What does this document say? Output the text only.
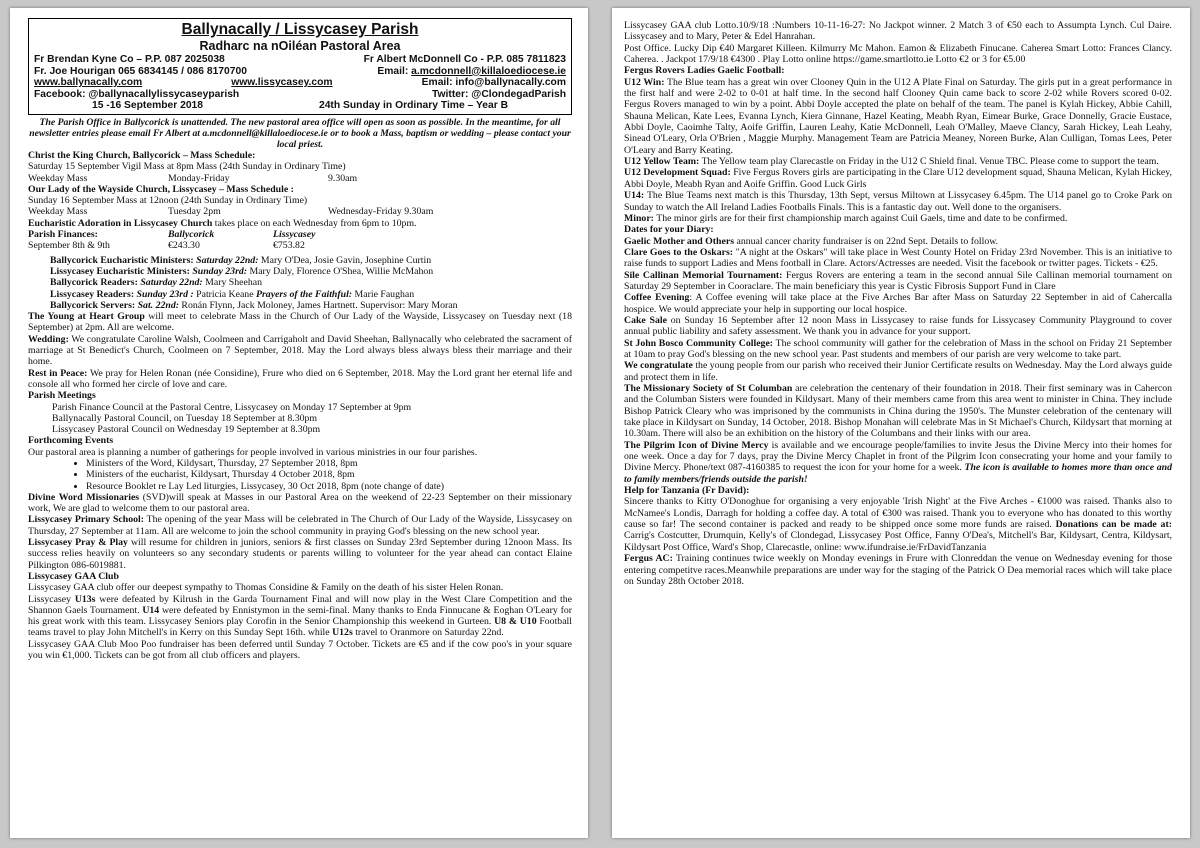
Ballynacally / Lissycasey Parish
Radharc na nOiléan Pastoral Area
Fr Brendan Kyne Co – P.P. 087 2025038	Fr Albert McDonnell Co - P.P. 085 7811823
Fr. Joe Hourigan 065 6834145 / 086 8170700	Email: a.mcdonnell@killaloediocese.ie
www.ballynacally.com	www.lissycasey.com	Email: info@ballynacally.com
Facebook: @ballynacallylissycaseyparish	Twitter: @ClondegadParish
15 -16 September 2018	24th Sunday in Ordinary Time – Year B
The Parish Office in Ballycorick is unattended. The new pastoral area office will open as soon as possible. In the meantime, for all newsletter entries please email Fr Albert at a.mcdonnell@killaloediocese.ie or to book a Mass, baptism or wedding – please contact your local priest.

Christ the King Church, Ballycorick – Mass Schedule:

Saturday 15 September Vigil Mass at 8pm Mass (24th Sunday in Ordinary Time)

Weekday Mass	Monday-Friday	9.30am

Our Lady of the Wayside Church, Lissycasey – Mass Schedule :

Sunday 16 September Mass at 12noon (24th Sunday in Ordinary Time)

Weekday Mass	Tuesday 2pm	Wednesday-Friday 9.30am

Eucharistic Adoration in Lissycasey Church takes place on each Wednesday from 6pm to 10pm.

Parish Finances:	Ballycorick	Lissycasey
September 8th & 9th	€243.30	€753.82

Ballycorick Eucharistic Ministers: Saturday 22nd: Mary O'Dea, Josie Gavin, Josephine Curtin

Lissycasey Eucharistic Ministers: Sunday 23rd: Mary Daly, Florence O'Shea, Willie McMahon

Ballycorick Readers: Saturday 22nd: Mary Sheehan

Lissycasey Readers: Sunday 23rd : Patricia Keane Prayers of the Faithful: Marie Faughan

Ballycorick Servers: Sat. 22nd: Ronán Flynn, Jack Moloney, James Hartnett. Supervisor: Mary Moran

The Young at Heart Group will meet to celebrate Mass in the Church of Our Lady of the Wayside, Lissycasey on Tuesday next (18 September) at 2pm. All are welcome.

Wedding: We congratulate Caroline Walsh, Coolmeen and Carrigaholt and David Sheehan, Ballynacally who celebrated the sacrament of marriage at St Benedict's Church, Coolmeen on 7 September, 2018. May the Lord always bless always bless their marriage and their home.

Rest in Peace: We pray for Helen Ronan (née Considine), Frure who died on 6 September, 2018. May the Lord grant her eternal life and console all who formed her circle of love and care.

Parish Meetings

Parish Finance Council at the Pastoral Centre, Lissycasey on Monday 17 September at 9pm

Ballynacally Pastoral Council, on Tuesday 18 September at 8.30pm

Lissycasey Pastoral Council on Wednesday 19 September at 8.30pm

Forthcoming Events

Our pastoral area is planning a number of gatherings for people involved in various ministries in our four parishes.

• Ministers of the Word, Kildysart, Thursday, 27 September 2018, 8pm
• Ministers of the eucharist, Kildysart, Thursday 4 October 2018, 8pm
• Resource Booklet re Lay Led liturgies, Lissycasey, 30 Oct 2018, 8pm (note change of date)

Divine Word Missionaries (SVD)will speak at Masses in our Pastoral Area on the weekend of 22-23 September on their missionary work, We are glad to welcome them to our pastoral area.

Lissycasey Primary School: The opening of the year Mass will be celebrated in The Church of Our Lady of the Wayside, Lissycasey on Thursday, 27 September at 11am. All are welcome to join the school community in praying God's blessing on the new school year.

Lissycasey Pray & Play will resume for children in juniors, seniors & first classes on Sunday 23rd September during 12noon Mass. Its success relies heavily on volunteers so any secondary students or parents willing to volunteer for the year ahead can contact Elaine Pilkington 086-6019881.

Lissycasey GAA Club

Lissycasey GAA club offer our deepest sympathy to Thomas Considine & Family on the death of his sister Helen Ronan.

Lissycasey U13s were defeated by Kilrush in the Garda Tournament Final and will now play in the West Clare Competition and the Shannon Gaels Tournament. U14 were defeated by Ennistymon in the semi-final. Many thanks to Enda Finnucane & Eoghan O'Leary for his great work with this team. Lissycasey Seniors play Corofin in the Senior Championship this weekend in Gurteen. U8 & U10 Football teams travel to play John Mitchell's in Kerry on this Sunday Sept 16th. while U12s travel to Oranmore on Saturday 22nd.

Lissycasey GAA Club Moo Poo fundraiser has been deferred until Sunday 7 October. Tickets are €5 and if the cow poo's in your square you win €1,000. Tickets can be got from all club officers and players.

Lissycasey GAA club Lotto.10/9/18 :Numbers 10-11-16-27: No Jackpot winner. 2 Match 3 of €50 each to Assumpta Lynch. Cul Daire. Lissycasey and to Mary, Peter & Edel Hanrahan.

Post Office. Lucky Dip €40 Margaret Killeen. Kilmurry Mc Mahon. Eamon & Elizabeth Finucane. Caherea Smart Lotto: Frances Clancy. Caherea. . Jackpot 17/9/18 €4300 . Play Lotto online https://game.smartlotto.ie Lotto €2 or 3 for €5.00

Fergus Rovers Ladies Gaelic Football:

U12 Win: The Blue team has a great win over Clooney Quin in the U12 A Plate Final on Saturday. The girls put in a great performance in the first half and were 2-02 to 0-01 at half time. In the second half Clooney Quin came back to score 2-02 while Rovers scored 0-02. Fergus Rovers managed to win by a point. Abbi Doyle accepted the plate on behalf of the team. The panel is Kylah Hickey, Abbie Cahill, Shauna Melican, Kate Lees, Evanna Lynch, Kiera Ginnane, Hazel Keating, Meabh Ryan, Eimear Burke, Grace Donnelly, Gracie Eustace, Abbi Doyle, Caoimhe Talty, Aoife Griffin, Lauren Leahy, Katie McDonnell, Leah O'Malley, Maeve Clancy, Sarah Hickey, Leah Leahy, Sinead O'Leary, Orla O'Brien , Maggie Murphy. Management Team are Patricia Meaney, Noreen Burke, Alan Culligan, Tomas Lees, Peter O'Leary and Barry Keating.

U12 Yellow Team: The Yellow team play Clarecastle on Friday in the U12 C Shield final. Venue TBC. Please come to support the team.

U12 Development Squad: Five Fergus Rovers girls are participating in the Clare U12 development squad, Shauna Melican, Kylah Hickey, Abbi Doyle, Meabh Ryan and Aoife Griffin. Good Luck Girls

U14: The Blue Teams next match is this Thursday, 13th Sept, versus Miltown at Lissycasey 6.45pm. The U14 panel go to Croke Park on Sunday to watch the All Ireland Ladies Footballs Finals. This is a fantastic day out. Well done to the organisers.

Minor: The minor girls are for their first championship march against Cuil Gaels, time and date to be confirmed.

Dates for your Diary:

Gaelic Mother and Others annual cancer charity fundraiser is on 22nd Sept. Details to follow.

Clare Goes to the Oskars: "A night at the Oskars" will take place in West County Hotel on Friday 23rd November. This is an initiative to raise funds to support Ladies and Mens football in Clare. Actors/Actresses are needed. Visit the facebook or twitter pages. Tickets - €25.

Sile Callinan Memorial Tournament: Fergus Rovers are entering a team in the second annual Sile Callinan memorial tournament on Saturday 29 September in Cooraclare. The main beneficiary this year is Cystic Fibrosis Support Fund in Clare

Coffee Evening: A Coffee evening will take place at the Five Arches Bar after Mass on Saturday 22 September in aid of Cahercalla hospice. We would appreciate your help in supporting our local hospice.

Cake Sale on Sunday 16 September after 12 noon Mass in Lissycasey to raise funds for Lissycasey Community Playground to cover annual public liability and safety assessment. We thank you in advance for your support.

St John Bosco Community College: The school community will gather for the celebration of Mass in the school on Friday 21 September at 10am to pray God's blessing on the new school year. Past students and members of our parish are very welcome to take part.

We congratulate the young people from our parish who received their Junior Certificate results on Wednesday. May the Lord always guide and protect them in life.

The Missionary Society of St Columban are celebration the centenary of their foundation in 2018. Their first seminary was in Cahercon and the Columban Sisters were founded in Kildysart. Many of their members came from this area went to minister in China. They include Bishop Patrick Cleary who was imprisoned by the communists in China during the 1950's. The Munster celebration of the centenary will take place in Kildysart on Sunday, 14 October, 2018. Bishop Monahan will celebrate Mas in St Michael's Church, Kildysart that morning at 10.30am. There will also be an exhibition on the history of the Columbans and their links with our area.

The Pilgrim Icon of Divine Mercy is available and we encourage people/families to invite Jesus the Divine Mercy into their homes for one week. Once a day for 7 days, pray the Divine Mercy Chaplet in front of the Pilgrim Icon consecrating your home and your family to Divine Mercy. Phone/text 087-4160385 to request the icon for your home for a week. The icon is available to homes more than once and to family members/friends outside the parish!

Help for Tanzania (Fr David):

Sincere thanks to Kitty O'Donoghue for organising a very enjoyable 'Irish Night' at the Five Arches - €1000 was raised. Thanks also to McNamee's Londis, Darragh for holding a coffee day. A total of €300 was raised. Thank you to everyone who has donated to this worthy cause so far! The second container is packed and ready to be shipped once some more funds are raised. Donations can be made at: Carrig's Costcutter, Drumquin, Kelly's of Clondegad, Lissycasey Post Office, Fanny O'Dea's, Mitchell's Bar, Kildysart, Centra, Kildysart, Kildysart Post Office, Ward's Shop, Clarecastle, online: www.ifundraise.ie/FrDavidTanzania

Fergus AC: Training continues twice weekly on Monday evenings in Frure with Clonreddan the venue on Wednesday evening for those entering competitve races.Meanwhile preparations are under way for the staging of the Patrick O Dea memorial races which will take place on Sunday 28th October 2018.
